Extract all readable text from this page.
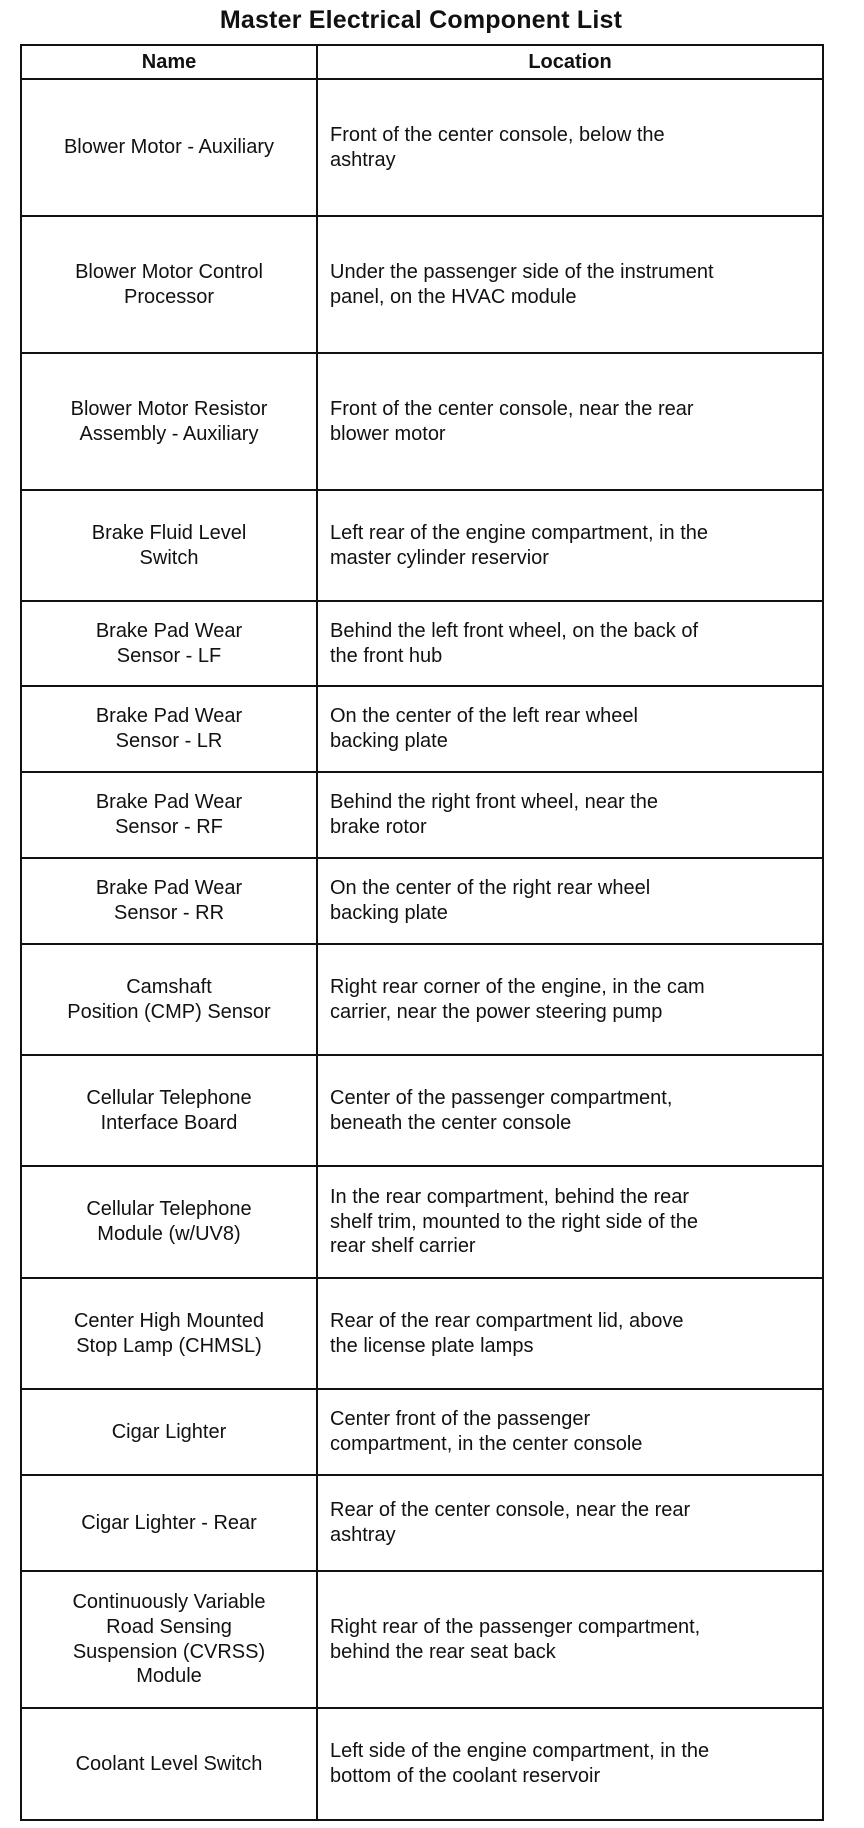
Master Electrical Component List
Name	Location
Blower Motor - Auxiliary	Front of the center console, below the
ashtray
Blower Motor Control
Processor	Under the passenger side of the instrument
panel, on the HVAC module
Blower Motor Resistor
Assembly - Auxiliary	Front of the center console, near the rear
blower motor
Brake Fluid Level
Switch	Left rear of the engine compartment, in the
master cylinder reservior
Brake Pad Wear
Sensor - LF	Behind the left front wheel, on the back of
the front hub
Brake Pad Wear
Sensor - LR	On the center of the left rear wheel
backing plate
Brake Pad Wear
Sensor - RF	Behind the right front wheel, near the
brake rotor
Brake Pad Wear
Sensor - RR	On the center of the right rear wheel
backing plate
Camshaft
Position (CMP) Sensor	Right rear corner of the engine, in the cam
carrier, near the power steering pump
Cellular Telephone
Interface Board	Center of the passenger compartment,
beneath the center console
Cellular Telephone
Module (w/UV8)	In the rear compartment, behind the rear
shelf trim, mounted to the right side of the
rear shelf carrier
Center High Mounted
Stop Lamp (CHMSL)	Rear of the rear compartment lid, above
the license plate lamps
Cigar Lighter	Center front of the passenger
compartment, in the center console
Cigar Lighter - Rear	Rear of the center console, near the rear
ashtray
Continuously Variable
Road Sensing
Suspension (CVRSS)
Module	Right rear of the passenger compartment,
behind the rear seat back
Coolant Level Switch	Left side of the engine compartment, in the
bottom of the coolant reservoir
